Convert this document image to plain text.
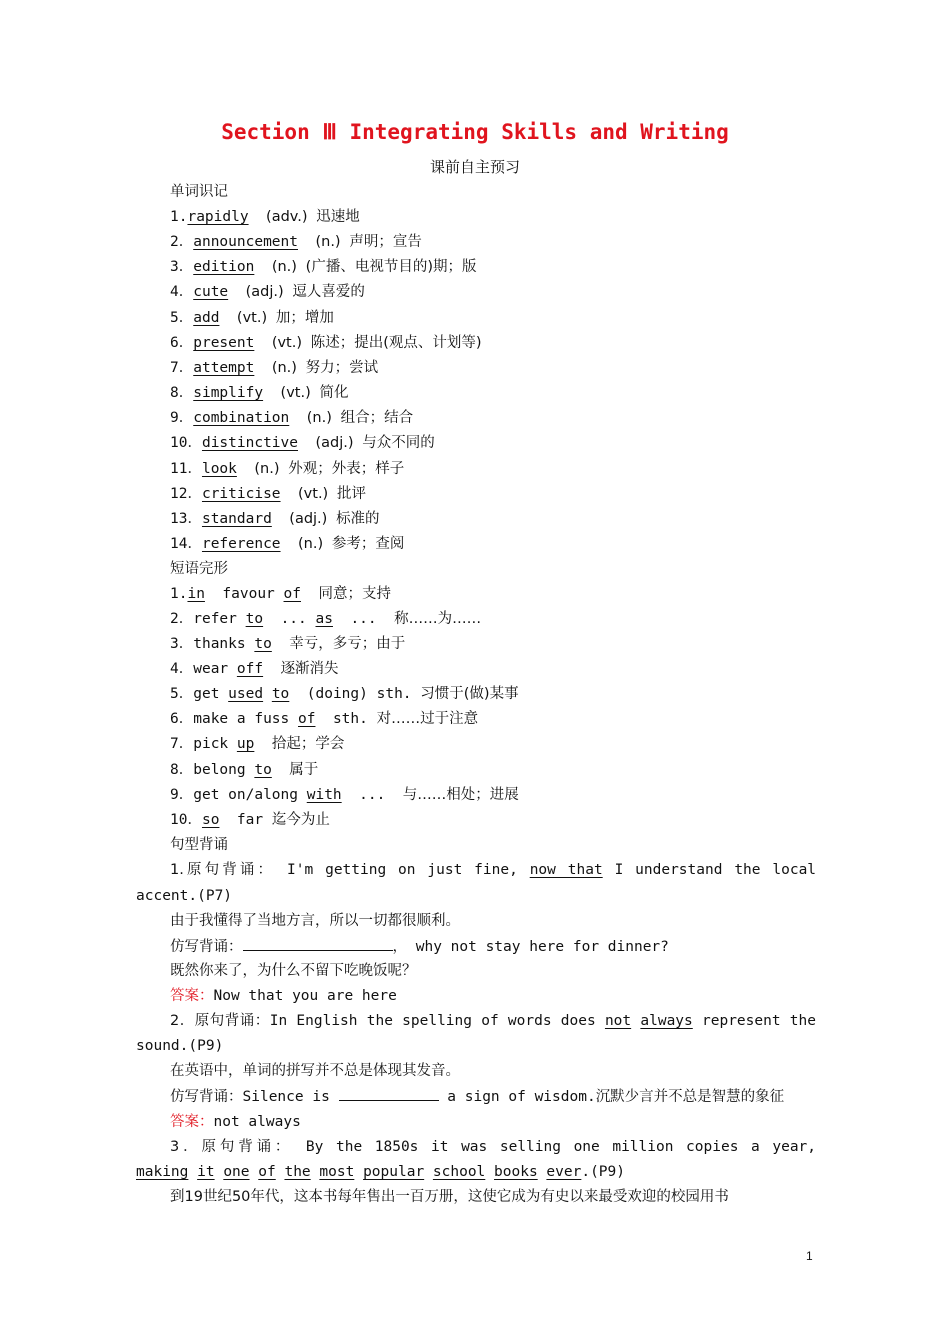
Section Ⅲ Integrating Skills and Writing
课前自主预习
单词识记
1.rapidly (adv.) 迅速地
2．announcement (n.) 声明；宣告
3．edition (n.) (广播、电视节目的)期；版
4．cute (adj.) 逗人喜爱的
5．add (vt.) 加；增加
6．present (vt.) 陈述；提出(观点、计划等)
7．attempt (n.) 努力；尝试
8．simplify (vt.) 简化
9．combination (n.) 组合；结合
10．distinctive (adj.) 与众不同的
11．look (n.) 外观；外表；样子
12．criticise (vt.) 批评
13．standard (adj.) 标准的
14．reference (n.) 参考；查阅
短语完形
1.in favour of 同意；支持
2．refer to ... as ... 称……为……
3．thanks to 幸亏，多亏；由于
4．wear off 逐渐消失
5．get used to (doing) sth. 习惯于(做)某事
6．make a fuss of sth. 对……过于注意
7．pick up 拾起；学会
8．belong to 属于
9．get on/along with ... 与……相处；进展
10．so far 迄今为止
句型背诵
1.原句背诵： I'm getting on just fine, now that I understand the local
accent.(P7)
由于我懂得了当地方言，所以一切都很顺利。
仿写背诵：	， why not stay here for dinner?
既然你来了，为什么不留下吃晚饭呢？
答案：Now that you are here
2．原句背诵：In English the spelling of words does not always represent the
sound.(P9)
在英语中，单词的拼写并不总是体现其发音。
仿写背诵：Silence is	a sign of wisdom.沉默少言并不总是智慧的象征
答案：not always
3．原句背诵： By the 1850s it was selling one million copies a year,
making it one of the most popular school books ever.(P9)
到19世纪50年代，这本书每年售出一百万册，这使它成为有史以来最受欢迎的校园用书
1
